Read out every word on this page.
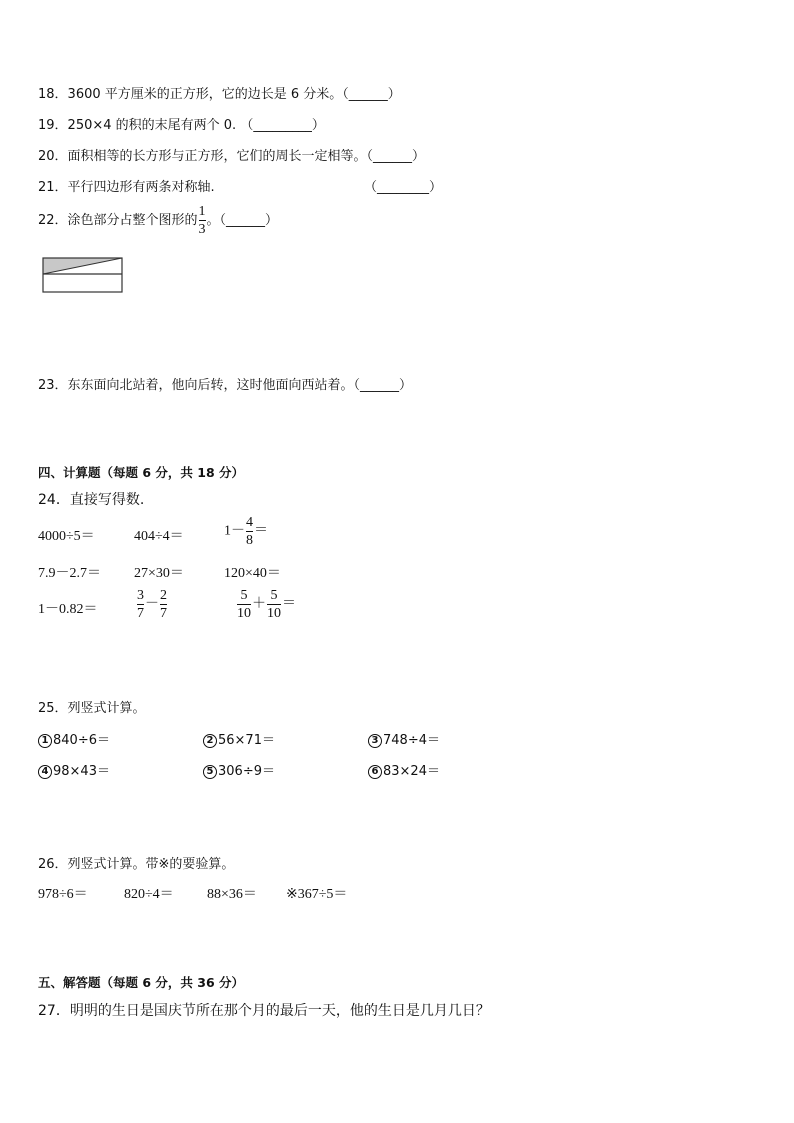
18．3600 平方厘米的正方形，它的边长是 6 分米。（______）
19．250×4 的积的末尾有两个 0. （_________）
20．面积相等的长方形与正方形，它们的周长一定相等。（______）
21．平行四边形有两条对称轴.	（________）
22．涂色部分占整个图形的 $\frac{1}{3}$ 。（______）
23．东东面向北站着，他向后转，这时他面向西站着。（______）
四、计算题（每题 6 分，共 18 分）
24．直接写得数.
4000÷5＝	404÷4＝	$1- \frac{4}{8}$ ＝
7.9－2.7＝ 27×30＝	120×40＝
1－0.82＝	$\frac{3}{7} - \frac{2}{7}$	$\frac{5}{10} + \frac{5}{10}$ ＝
25．列竖式计算。
1 840÷6＝	2 56×71＝	3 748÷4＝
4 98×43＝	5 306÷9＝	6 83×24＝
26．列竖式计算。带※的要验算。
978÷6＝	820÷4＝ 88×36＝ ※367÷5＝
五、解答题（每题 6 分，共 36 分）
27．明明的生日是国庆节所在那个月的最后一天，他的生日是几月几日？
